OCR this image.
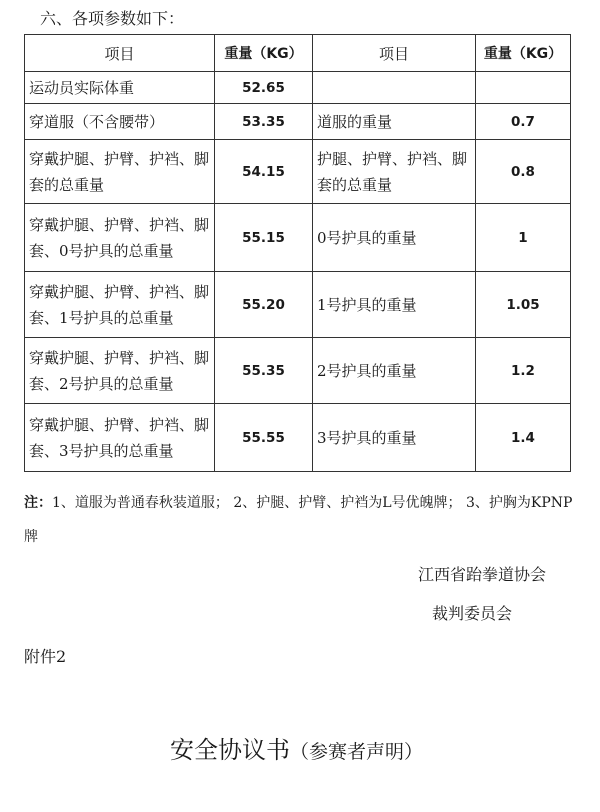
六、各项参数如下：
项目	重量（KG）	项目	重量（KG）
运动员实际体重	52.65		
穿道服（不含腰带）	53.35	道服的重量	0.7
穿戴护腿、护臂、护裆、脚套的总重量	54.15	护腿、护臂、护裆、脚套的总重量	0.8
穿戴护腿、护臂、护裆、脚套、0号护具的总重量	55.15	0号护具的重量	1
穿戴护腿、护臂、护裆、脚套、1号护具的总重量	55.20	1号护具的重量	1.05
穿戴护腿、护臂、护裆、脚套、2号护具的总重量	55.35	2号护具的重量	1.2
穿戴护腿、护臂、护裆、脚套、3号护具的总重量	55.55	3号护具的重量	1.4
注：1、道服为普通春秋装道服； 2、护腿、护臂、护裆为L号优魄牌； 3、护胸为KPNP牌
江西省跆拳道协会
裁判委员会
附件2
安全协议书（参赛者声明）
